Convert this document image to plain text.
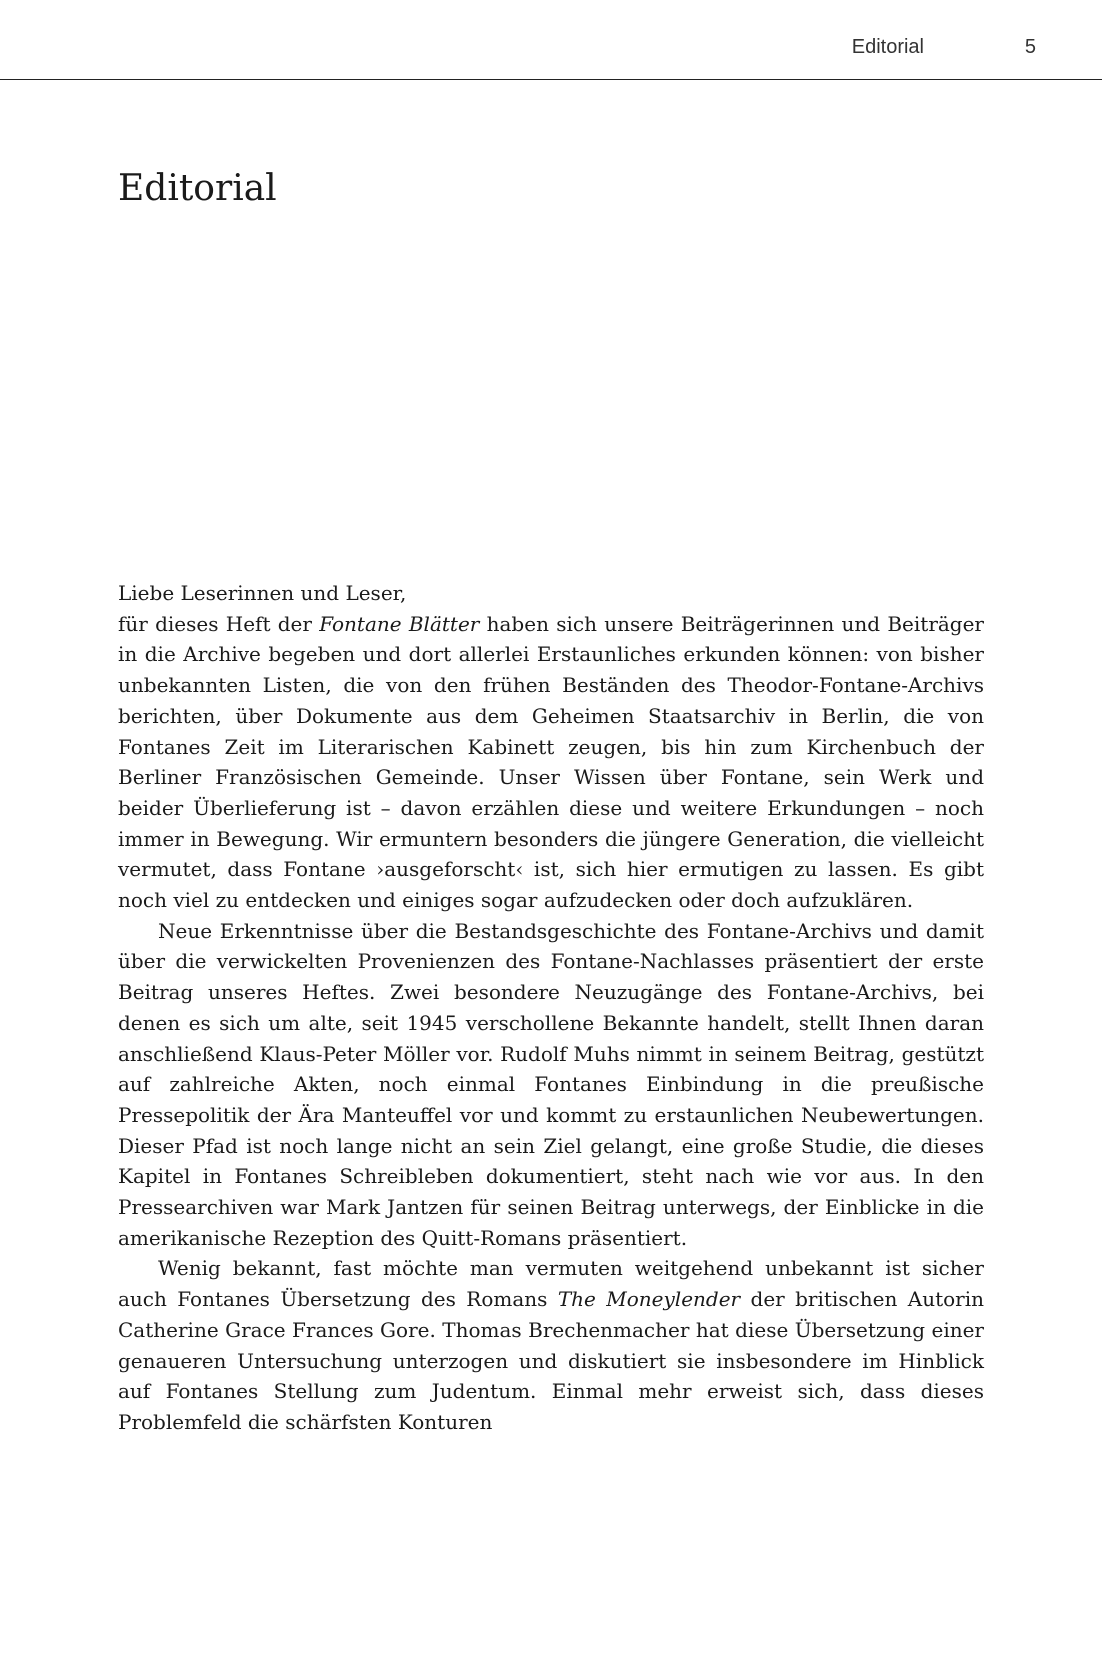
Editorial	5
Editorial

Liebe Leserinnen und Leser,

für dieses Heft der Fontane Blätter haben sich unsere Beiträgerinnen und Beiträger in die Archive begeben und dort allerlei Erstaunliches erkunden können: von bisher unbekannten Listen, die von den frühen Beständen des Theodor-Fontane-Archivs berichten, über Dokumente aus dem Geheimen Staatsarchiv in Berlin, die von Fontanes Zeit im Literarischen Kabinett zeugen, bis hin zum Kirchenbuch der Berliner Französischen Gemeinde. Unser Wissen über Fontane, sein Werk und beider Überlieferung ist – davon erzählen diese und weitere Erkundungen – noch immer in Bewegung. Wir ermuntern besonders die jüngere Generation, die vielleicht vermutet, dass Fontane ›ausgeforscht‹ ist, sich hier ermutigen zu lassen. Es gibt noch viel zu entdecken und einiges sogar aufzudecken oder doch aufzuklären.

Neue Erkenntnisse über die Bestandsgeschichte des Fontane-Archivs und damit über die verwickelten Provenienzen des Fontane-Nachlasses präsentiert der erste Beitrag unseres Heftes. Zwei besondere Neuzugänge des Fontane-Archivs, bei denen es sich um alte, seit 1945 verschollene Bekannte handelt, stellt Ihnen daran anschließend Klaus-Peter Möller vor. Rudolf Muhs nimmt in seinem Beitrag, gestützt auf zahlreiche Akten, noch einmal Fontanes Einbindung in die preußische Pressepolitik der Ära Manteuffel vor und kommt zu erstaunlichen Neubewertungen. Dieser Pfad ist noch lange nicht an sein Ziel gelangt, eine große Studie, die dieses Kapitel in Fontanes Schreibleben dokumentiert, steht nach wie vor aus. In den Pressearchiven war Mark Jantzen für seinen Beitrag unterwegs, der Einblicke in die amerikanische Rezeption des Quitt-Romans präsentiert.

Wenig bekannt, fast möchte man vermuten weitgehend unbekannt ist sicher auch Fontanes Übersetzung des Romans The Moneylender der britischen Autorin Catherine Grace Frances Gore. Thomas Brechenmacher hat diese Übersetzung einer genaueren Untersuchung unterzogen und diskutiert sie insbesondere im Hinblick auf Fontanes Stellung zum Judentum. Einmal mehr erweist sich, dass dieses Problemfeld die schärfsten Konturen
